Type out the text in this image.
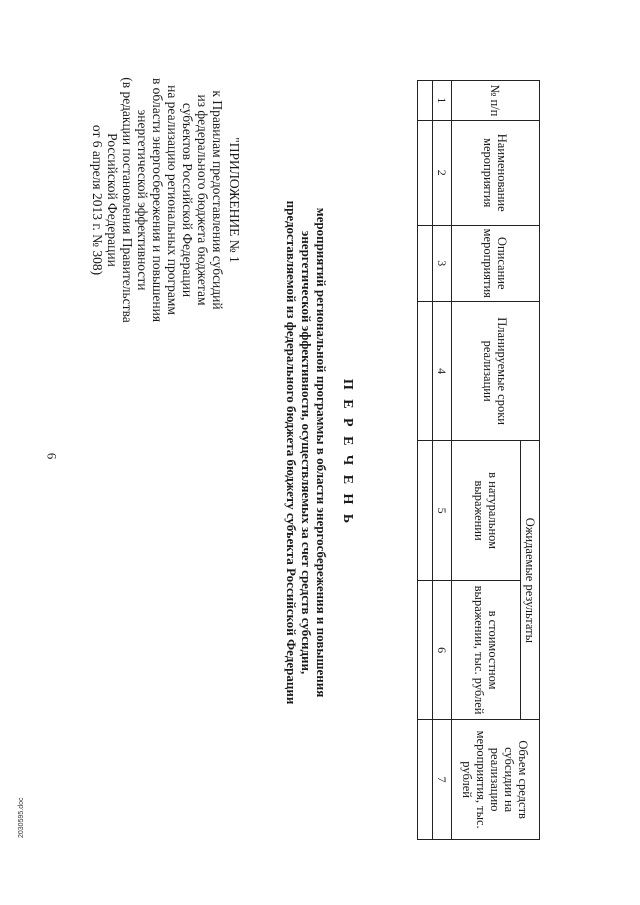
6
2030595.doc
"ПРИЛОЖЕНИЕ № 1
к Правилам предоставления субсидий
из федерального бюджета бюджетам
субъектов Российской Федерации
на реализацию региональных программ
в области энергосбережения и повышения
энергетической эффективности
(в редакции постановления Правительства
Российской Федерации
от 6 апреля 2013 г. № 308)
П Е Р Е Ч Е Н Ь
мероприятий региональной программы в области энергосбережения и повышения
энергетической эффективности, осуществляемых за счет средств субсидии,
предоставляемой из федерального бюджета бюджету субъекта Российской Федерации
№ п/п	Наименование мероприятия	Описание мероприятия	Планируемые сроки реализации	Ожидаемые результаты		Объем средств субсидии на реализацию мероприятия, тыс. рублей
				в натуральном выражении	в стоимостном выражении, тыс. рублей	
1	2	3	4	5	6	7
